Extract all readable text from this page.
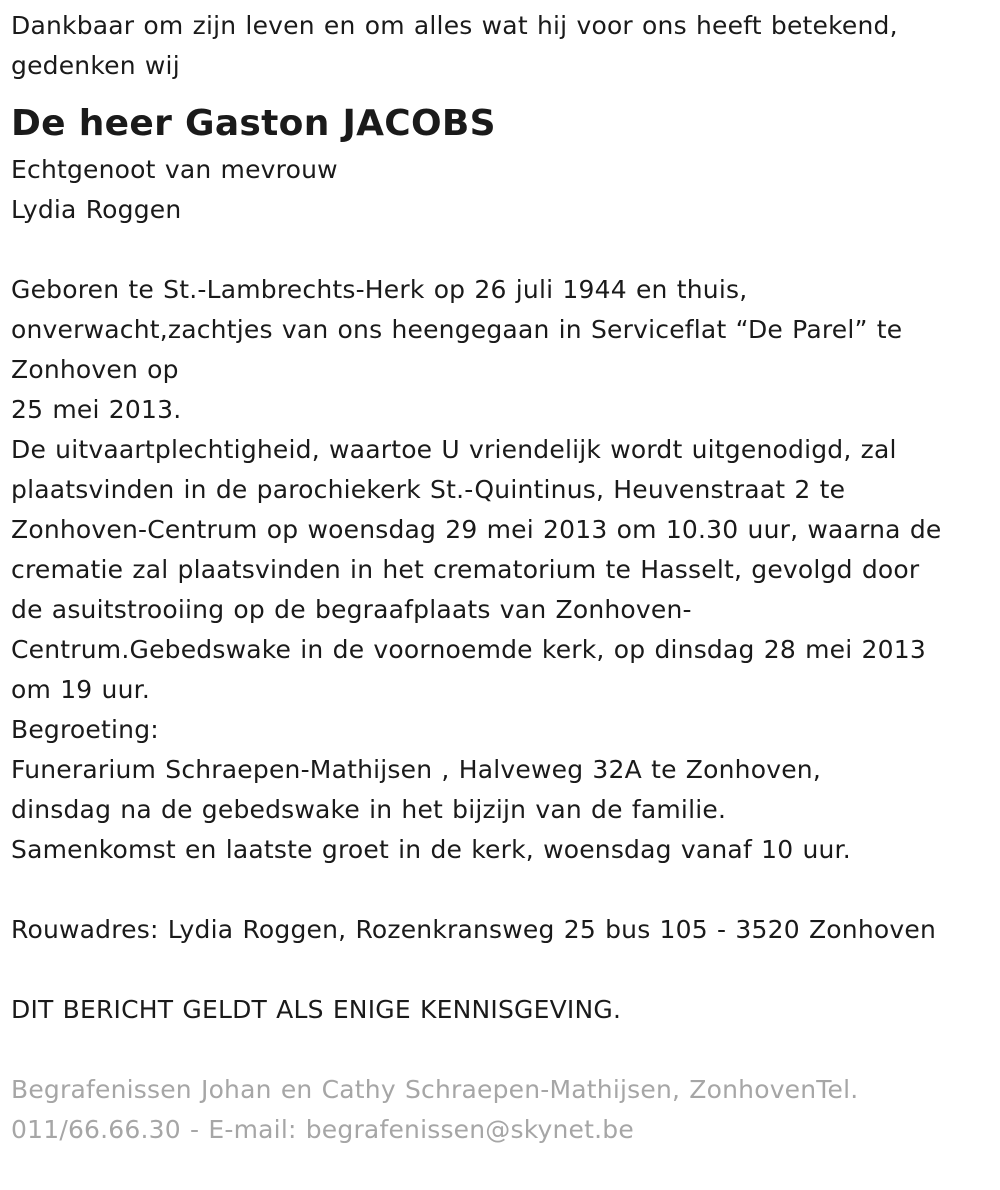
Dankbaar om zijn leven en om alles wat hij voor ons heeft betekend,
gedenken wij
De heer Gaston JACOBS
Echtgenoot van mevrouw
Lydia Roggen
Geboren te St.-Lambrechts-Herk op 26 juli 1944 en thuis,
onverwacht,zachtjes van ons heengegaan in Serviceflat “De Parel” te
Zonhoven op
25 mei 2013.
De uitvaartplechtigheid, waartoe U vriendelijk wordt uitgenodigd, zal
plaatsvinden in de parochiekerk St.-Quintinus, Heuvenstraat 2 te
Zonhoven-Centrum op woensdag 29 mei 2013 om 10.30 uur, waarna de
crematie zal plaatsvinden in het crematorium te Hasselt, gevolgd door
de asuitstrooiing op de begraafplaats van Zonhoven-
Centrum.Gebedswake in de voornoemde kerk, op dinsdag 28 mei 2013
om 19 uur.
Begroeting:
Funerarium Schraepen-Mathijsen , Halveweg 32A te Zonhoven,
dinsdag na de gebedswake in het bijzijn van de familie.
Samenkomst en laatste groet in de kerk, woensdag vanaf 10 uur.
Rouwadres: Lydia Roggen, Rozenkransweg 25 bus 105 - 3520 Zonhoven
DIT BERICHT GELDT ALS ENIGE KENNISGEVING.
Begrafenissen Johan en Cathy Schraepen-Mathijsen, ZonhovenTel.
011/66.66.30 - E-mail: begrafenissen@skynet.be
